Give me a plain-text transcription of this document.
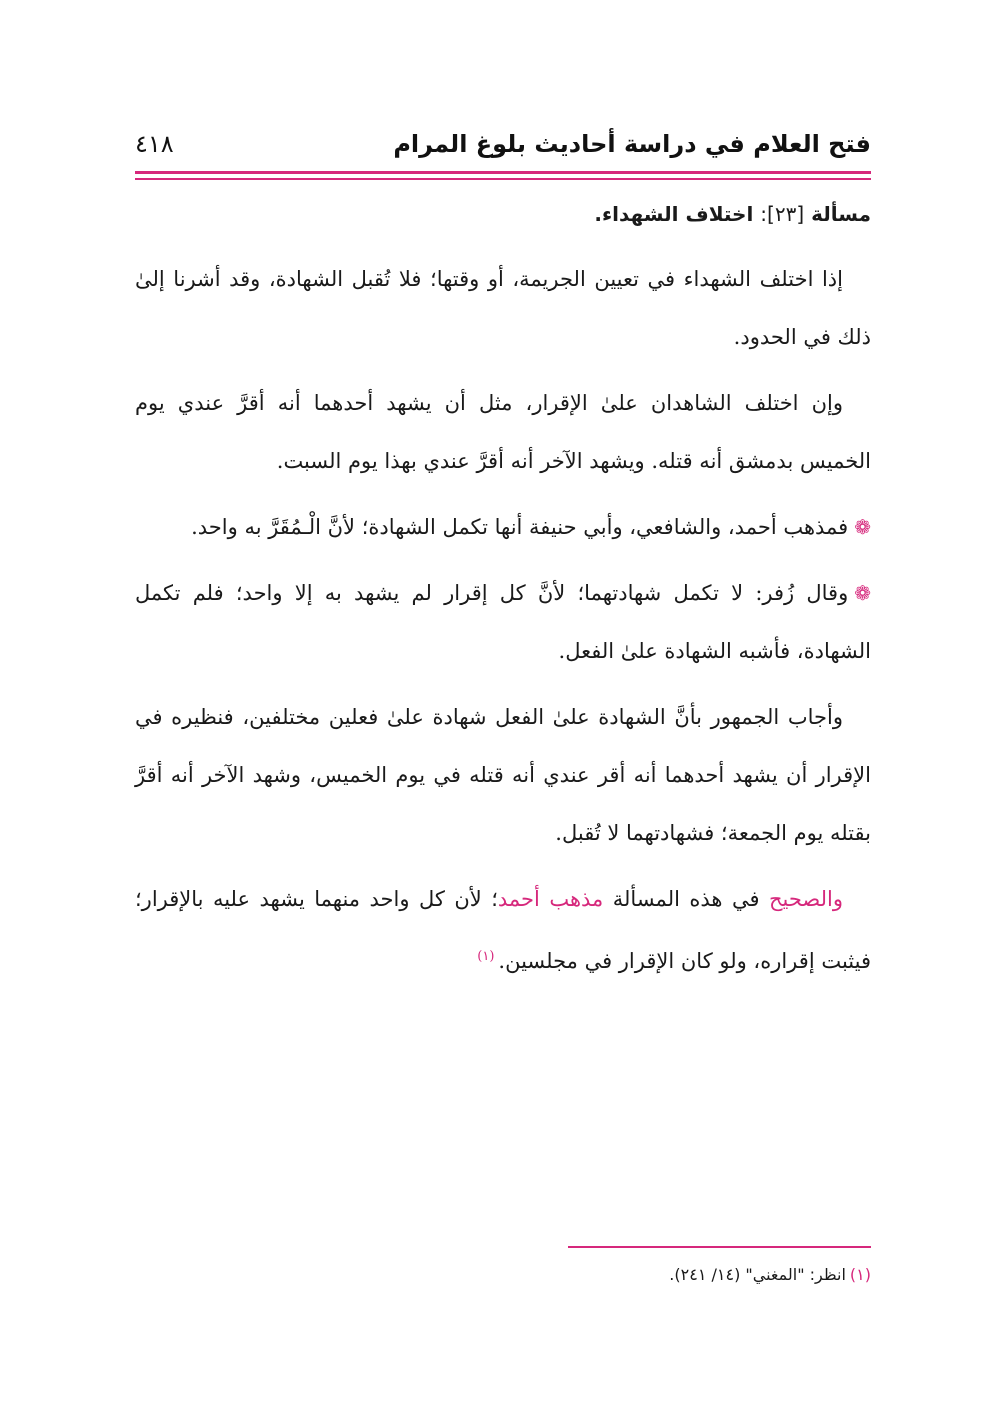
فتح العلام في دراسة أحاديث بلوغ المرام
٤١٨
مسألة [٢٣]: اختلاف الشهداء.

إذا اختلف الشهداء في تعيين الجريمة، أو وقتها؛ فلا تُقبل الشهادة، وقد أشرنا إلىٰ ذلك في الحدود.

وإن اختلف الشاهدان علىٰ الإقرار، مثل أن يشهد أحدهما أنه أقرَّ عندي يوم الخميس بدمشق أنه قتله. ويشهد الآخر أنه أقرَّ عندي بهذا يوم السبت.

❁فمذهب أحمد، والشافعي، وأبي حنيفة أنها تكمل الشهادة؛ لأنَّ الْـمُقَرَّ به واحد.

❁وقال زُفر: لا تكمل شهادتهما؛ لأنَّ كل إقرار لم يشهد به إلا واحد؛ فلم تكمل الشهادة، فأشبه الشهادة علىٰ الفعل.

وأجاب الجمهور بأنَّ الشهادة علىٰ الفعل شهادة علىٰ فعلين مختلفين، فنظيره في الإقرار أن يشهد أحدهما أنه أقر عندي أنه قتله في يوم الخميس، وشهد الآخر أنه أقرَّ بقتله يوم الجمعة؛ فشهادتهما لا تُقبل.

والصحيح في هذه المسألة مذهب أحمد؛ لأن كل واحد منهما يشهد عليه بالإقرار؛ فيثبت إقراره، ولو كان الإقرار في مجلسين.$^{(١)}$

(١)انظر: "المغني" (١٤/ ٢٤١).
